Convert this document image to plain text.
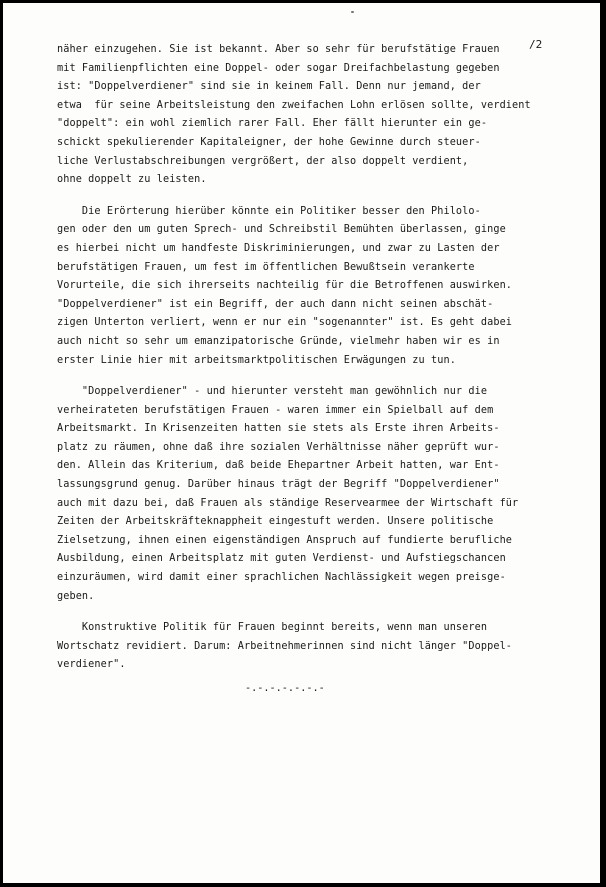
/2
näher einzugehen. Sie ist bekannt. Aber so sehr für berufstätige Frauen
mit Familienpflichten eine Doppel- oder sogar Dreifachbelastung gegeben
ist: "Doppelverdiener" sind sie in keinem Fall. Denn nur jemand, der
etwa  für seine Arbeitsleistung den zweifachen Lohn erlösen sollte, verdient
"doppelt": ein wohl ziemlich rarer Fall. Eher fällt hierunter ein ge-
schickt spekulierender Kapitaleigner, der hohe Gewinne durch steuer-
liche Verlustabschreibungen vergrößert, der also doppelt verdient,
ohne doppelt zu leisten.
Die Erörterung hierüber könnte ein Politiker besser den Philolo-
gen oder den um guten Sprech- und Schreibstil Bemühten überlassen, ginge
es hierbei nicht um handfeste Diskriminierungen, und zwar zu Lasten der
berufstätigen Frauen, um fest im öffentlichen Bewußtsein verankerte
Vorurteile, die sich ihrerseits nachteilig für die Betroffenen auswirken.
"Doppelverdiener" ist ein Begriff, der auch dann nicht seinen abschät-
zigen Unterton verliert, wenn er nur ein "sogenannter" ist. Es geht dabei
auch nicht so sehr um emanzipatorische Gründe, vielmehr haben wir es in
erster Linie hier mit arbeitsmarktpolitischen Erwägungen zu tun.
"Doppelverdiener" - und hierunter versteht man gewöhnlich nur die
verheirateten berufstätigen Frauen - waren immer ein Spielball auf dem
Arbeitsmarkt. In Krisenzeiten hatten sie stets als Erste ihren Arbeits-
platz zu räumen, ohne daß ihre sozialen Verhältnisse näher geprüft wur-
den. Allein das Kriterium, daß beide Ehepartner Arbeit hatten, war Ent-
lassungsgrund genug. Darüber hinaus trägt der Begriff "Doppelverdiener"
auch mit dazu bei, daß Frauen als ständige Reservearmee der Wirtschaft für
Zeiten der Arbeitskräfteknappheit eingestuft werden. Unsere politische
Zielsetzung, ihnen einen eigenständigen Anspruch auf fundierte berufliche
Ausbildung, einen Arbeitsplatz mit guten Verdienst- und Aufstiegschancen
einzuräumen, wird damit einer sprachlichen Nachlässigkeit wegen preisge-
geben.
Konstruktive Politik für Frauen beginnt bereits, wenn man unseren
Wortschatz revidiert. Darum: Arbeitnehmerinnen sind nicht länger "Doppel-
verdiener".
-.-.-.-.-.-.-
